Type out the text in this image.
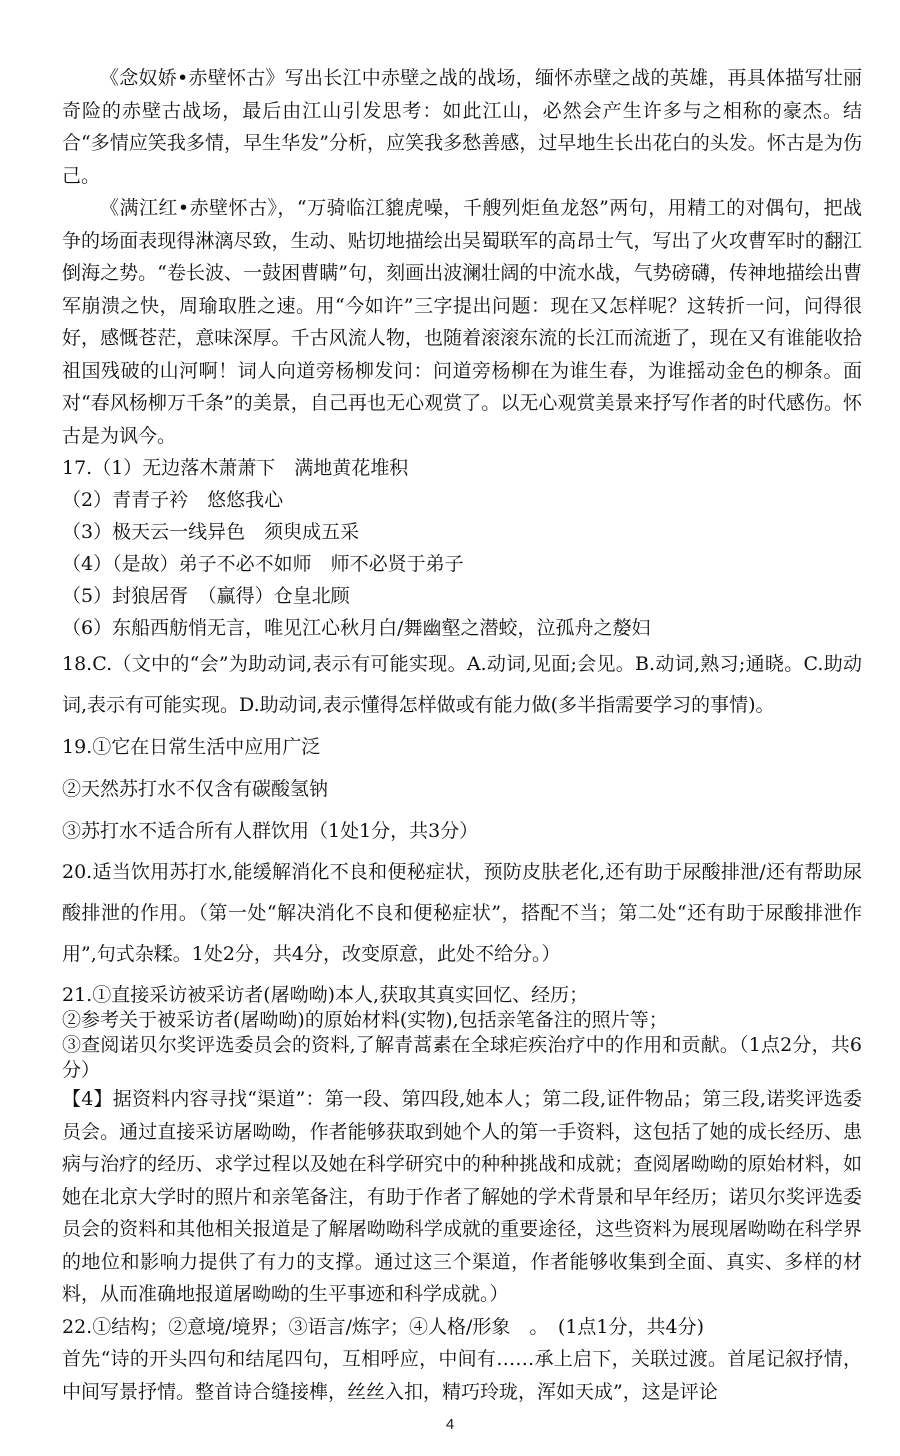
《念奴娇•赤壁怀古》写出长江中赤壁之战的战场，缅怀赤壁之战的英雄，再具体描写壮丽奇险的赤壁古战场，最后由江山引发思考：如此江山，必然会产生许多与之相称的豪杰。结合“多情应笑我多情，早生华发”分析，应笑我多愁善感，过早地生长出花白的头发。怀古是为伤己。

《满江红•赤壁怀古》，“万骑临江貔虎噪，千艘列炬鱼龙怒”两句，用精工的对偶句，把战争的场面表现得淋漓尽致，生动、贴切地描绘出吴蜀联军的高昂士气，写出了火攻曹军时的翻江倒海之势。“卷长波、一鼓困曹瞒”句，刻画出波澜壮阔的中流水战，气势磅礴，传神地描绘出曹军崩溃之快，周瑜取胜之速。用“今如许”三字提出问题：现在又怎样呢？这转折一问，问得很好，感慨苍茫，意味深厚。千古风流人物，也随着滚滚东流的长江而流逝了，现在又有谁能收拾祖国残破的山河啊！词人向道旁杨柳发问：问道旁杨柳在为谁生春，为谁摇动金色的柳条。面对“春风杨柳万千条”的美景，自己再也无心观赏了。以无心观赏美景来抒写作者的时代感伤。怀古是为讽今。

17.（1）无边落木萧萧下　满地黄花堆积

（2）青青子衿　悠悠我心

（3）极天云一线异色　须臾成五采

（4）（是故）弟子不必不如师　师不必贤于弟子

（5）封狼居胥　（赢得）仓皇北顾

（6）东船西舫悄无言，唯见江心秋月白/舞幽壑之潜蛟，泣孤舟之嫠妇

18.C.（文中的“会”为助动词,表示有可能实现。A.动词,见面;会见。B.动词,熟习;通晓。C.助动词,表示有可能实现。D.助动词,表示懂得怎样做或有能力做(多半指需要学习的事情)。

19.①它在日常生活中应用广泛

②天然苏打水不仅含有碳酸氢钠

③苏打水不适合所有人群饮用（1处1分，共3分）

20.适当饮用苏打水,能缓解消化不良和便秘症状，预防皮肤老化,还有助于尿酸排泄/还有帮助尿酸排泄的作用。（第一处“解决消化不良和便秘症状”，搭配不当；第二处“还有助于尿酸排泄作用”,句式杂糅。1处2分，共4分，改变原意，此处不给分。）

21.①直接采访被采访者(屠呦呦)本人,获取其真实回忆、经历；

②参考关于被采访者(屠呦呦)的原始材料(实物),包括亲笔备注的照片等；

③查阅诺贝尔奖评选委员会的资料,了解青蒿素在全球疟疾治疗中的作用和贡献。（1点2分，共6分）

【4】据资料内容寻找“渠道”：第一段、第四段,她本人；第二段,证件物品；第三段,诺奖评选委员会。通过直接采访屠呦呦，作者能够获取到她个人的第一手资料，这包括了她的成长经历、患病与治疗的经历、求学过程以及她在科学研究中的种种挑战和成就；查阅屠呦呦的原始材料，如她在北京大学时的照片和亲笔备注，有助于作者了解她的学术背景和早年经历；诺贝尔奖评选委员会的资料和其他相关报道是了解屠呦呦科学成就的重要途径，这些资料为展现屠呦呦在科学界的地位和影响力提供了有力的支撑。通过这三个渠道，作者能够收集到全面、真实、多样的材料，从而准确地报道屠呦呦的生平事迹和科学成就。）

22.①结构；②意境/境界；③语言/炼字；④人格/形象　。　(1点1分，共4分)

首先“诗的开头四句和结尾四句，互相呼应，中间有……承上启下，关联过渡。首尾记叙抒情，中间写景抒情。整首诗合缝接榫，丝丝入扣，精巧玲珑，浑如天成”，这是评论

4
